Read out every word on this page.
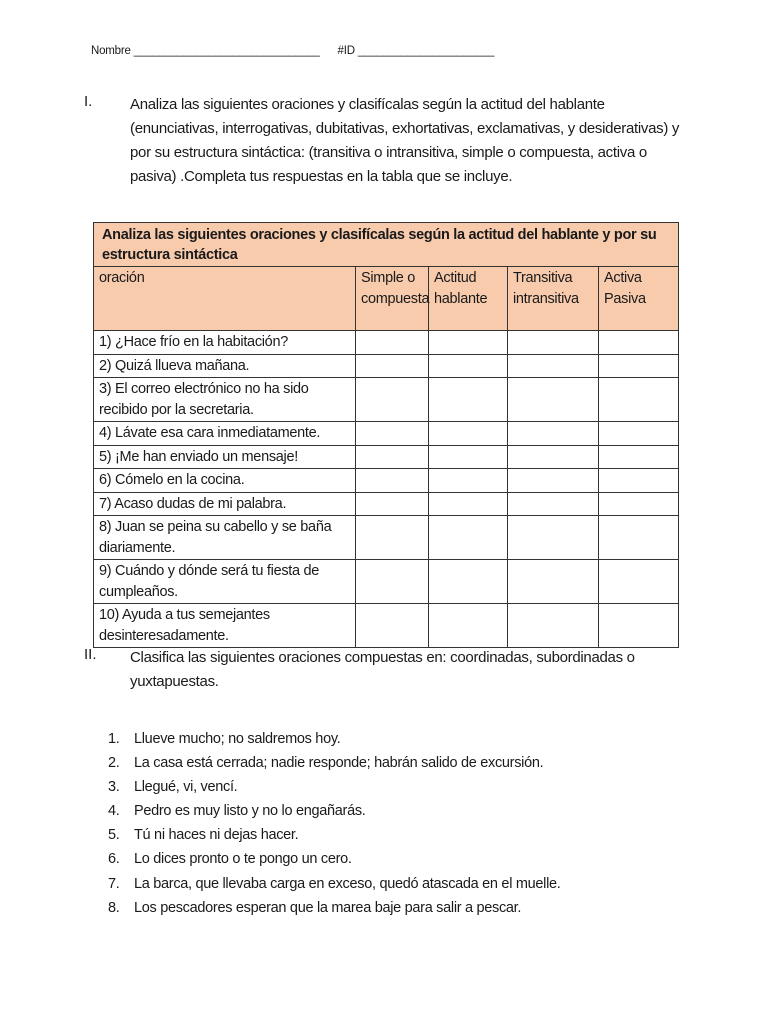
Nombre ______________________________      #ID ______________________
I.	Analiza las siguientes oraciones y clasifícalas según la actitud del hablante (enunciativas, interrogativas, dubitativas, exhortativas, exclamativas, y desiderativas) y por su estructura sintáctica: (transitiva o intransitiva, simple o compuesta, activa o pasiva) .Completa tus respuestas en la tabla que se incluye.
Analiza las siguientes oraciones y clasifícalas según la actitud del hablante y por su estructura sintáctica				
oración	Simple o compuesta	Actitud hablante	Transitiva intransitiva	Activa Pasiva
1) ¿Hace frío en la habitación?				
2) Quizá llueva mañana.				
3) El correo electrónico no ha sido recibido por la secretaria.				
4) Lávate esa cara inmediatamente.				
5) ¡Me han enviado un mensaje!				
6) Cómelo en la cocina.				
7) Acaso dudas de mi palabra.				
8) Juan se peina su cabello y se baña diariamente.				
9) Cuándo y dónde será tu fiesta de cumpleaños.				
10) Ayuda a tus semejantes desinteresadamente.				
II. Clasifica las siguientes oraciones compuestas en: coordinadas, subordinadas o yuxtapuestas.
1. Llueve mucho; no saldremos hoy.
2. La casa está cerrada; nadie responde; habrán salido de excursión.
3. Llegué, vi, vencí.
4. Pedro es muy listo y no lo engañarás.
5. Tú ni haces ni dejas hacer.
6. Lo dices pronto o te pongo un cero.
7. La barca, que llevaba carga en exceso, quedó atascada en el muelle.
8. Los pescadores esperan que la marea baje para salir a pescar.
